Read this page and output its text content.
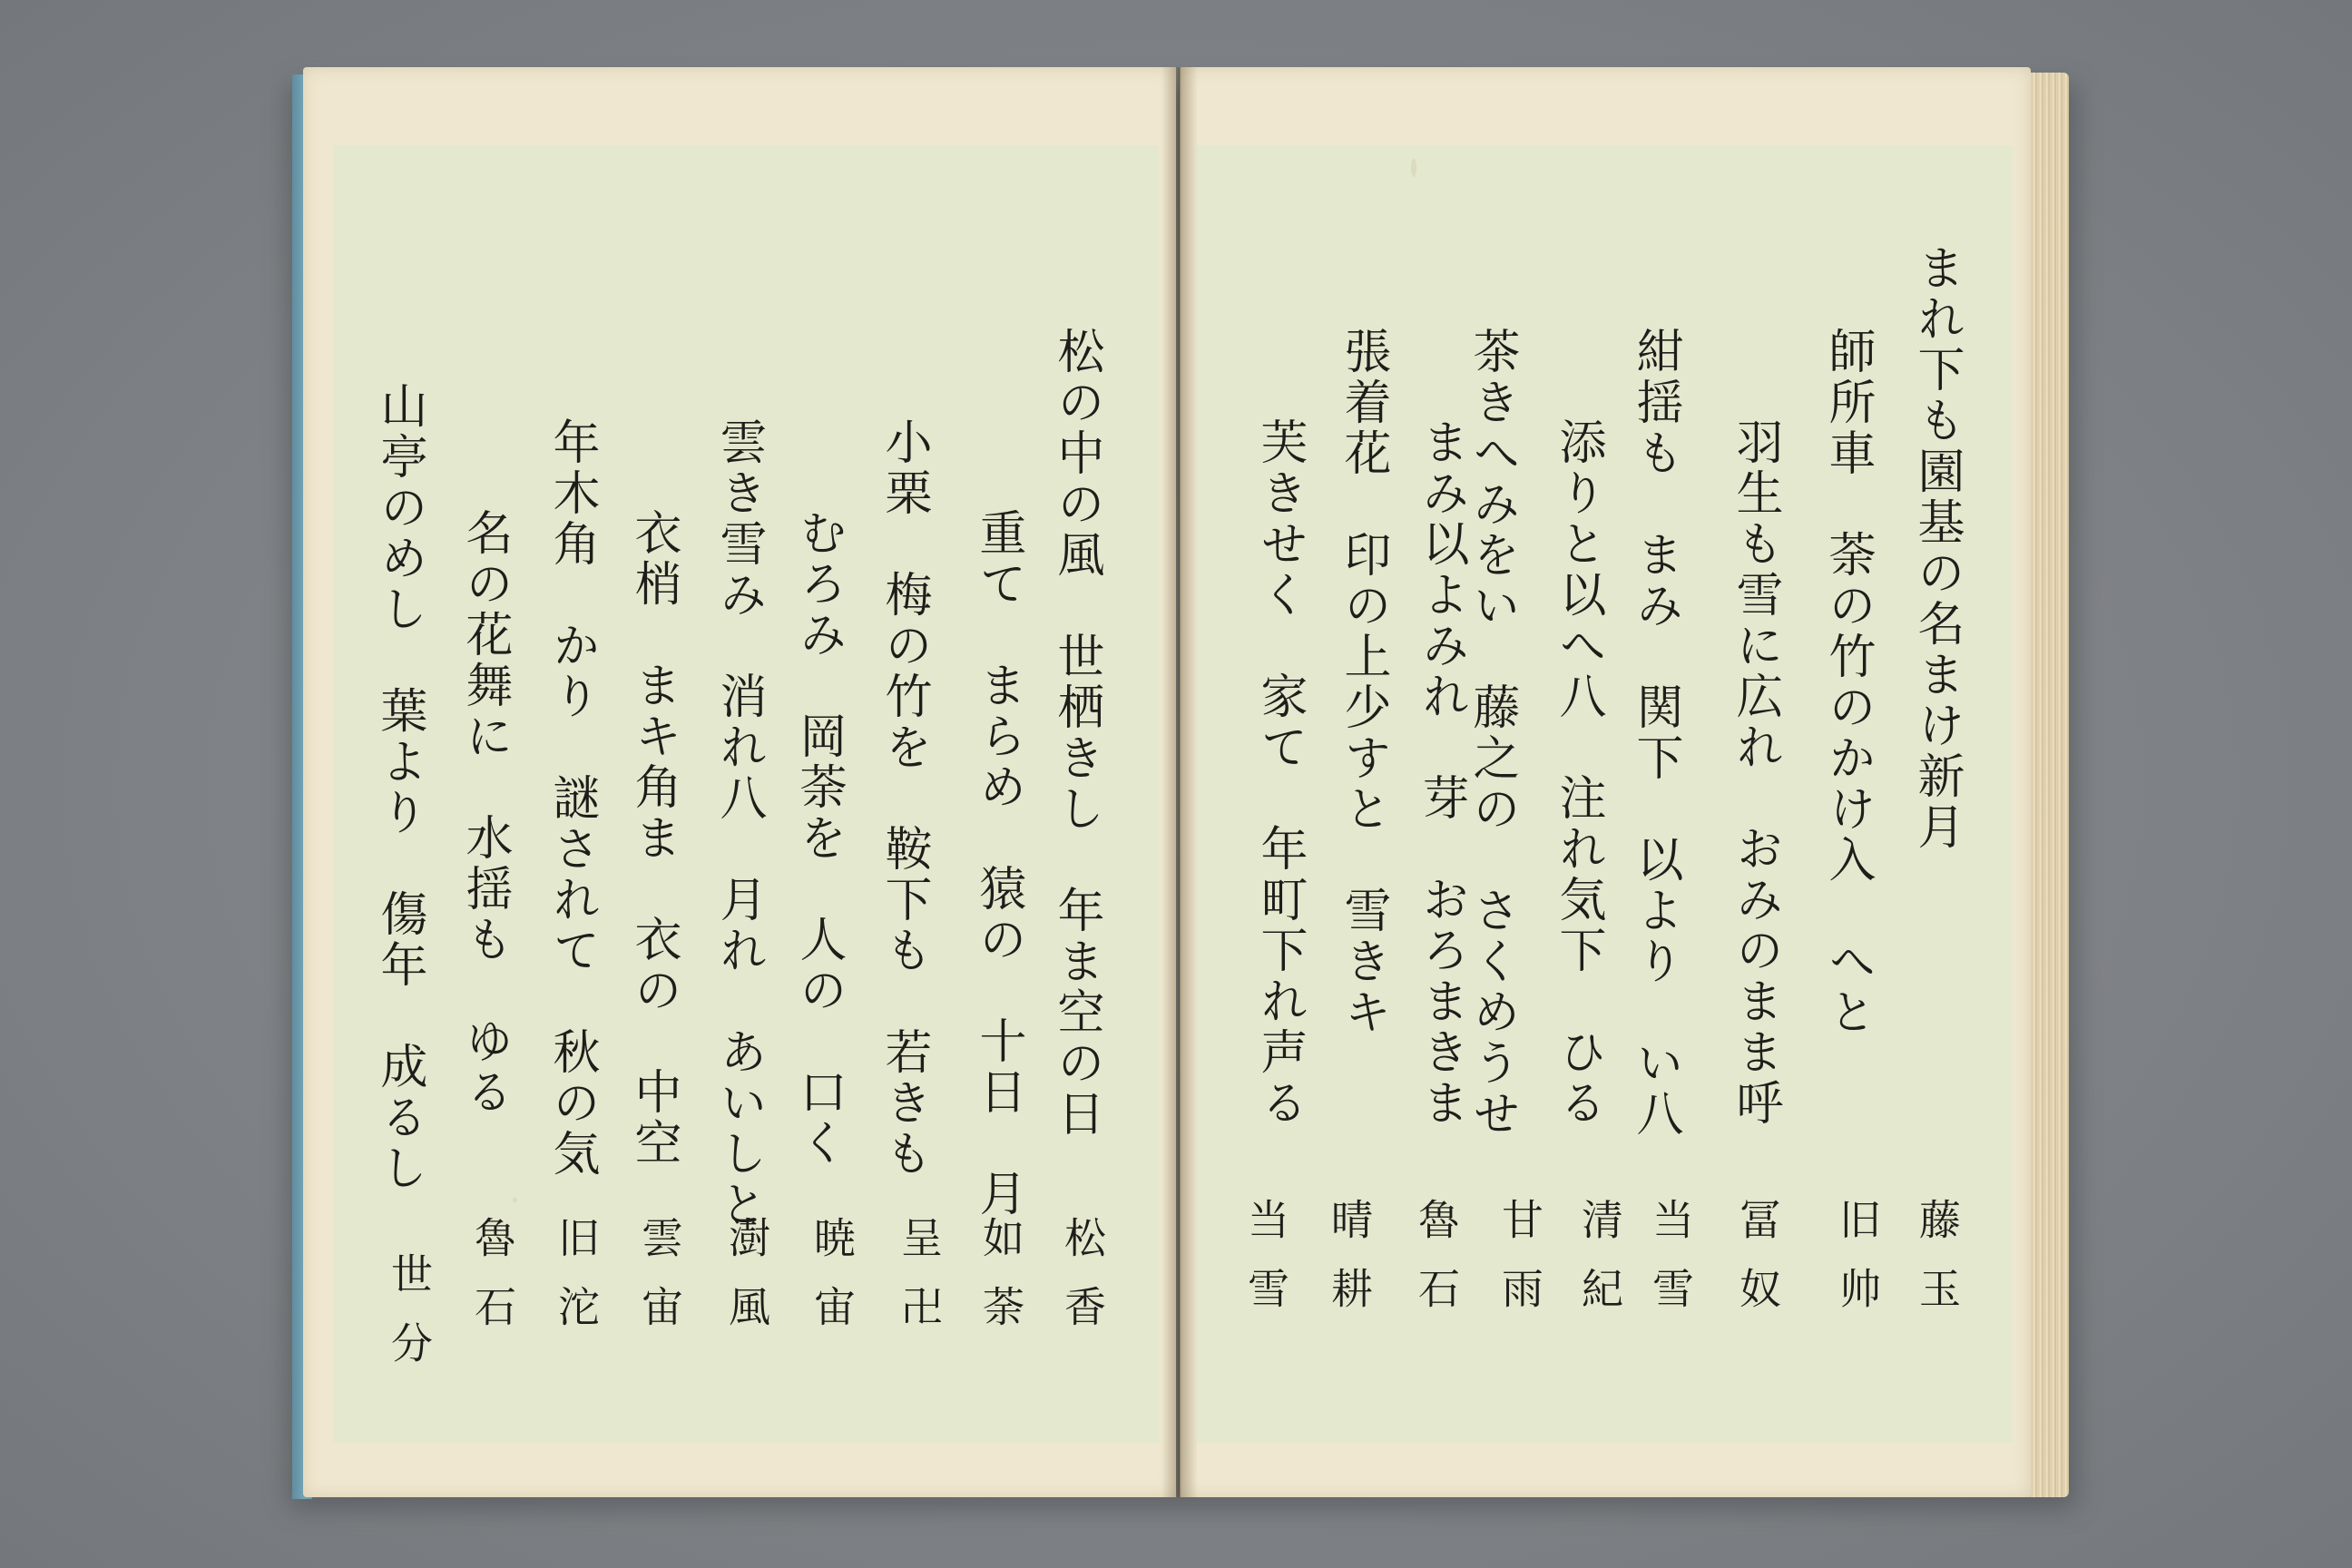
まれ下も園基の名まけ新月
師所車　荼の竹のかけ入　へと
羽生も雪に広れ　おみのまま呼
紺揺も　まみ　関下　以より　い八
添りと以へ八　注れ気下　ひる
茶きへみをい　藤之の　さくめうせ
まみ以よみれ　芽　おろまきま
張着花　印の上少すと　雪きキ
芙きせく　家て　年町下れ声る
藤玉
旧帅
冨奴
当雪
清紀
甘雨
魯石
晴耕
当雪
松の中の風　世栖きし　年ま空の日
小栗　梅の竹を　鞍下も　若きも 重て　まらめ　猿の　十日　月
むろみ　岡荼を　人の　口く
雲き雪み　消れ八　月れ　あいしと
衣梢　まキ角ま　衣の　中空
年木角　かり　謎されて　秋の気
名の花舞に　水揺も　ゆる
山亭のめし　葉より　傷年　成るし
松香
如荼
呈卍
暁宙
澍風
雲宙
旧沱
魯石
世分
